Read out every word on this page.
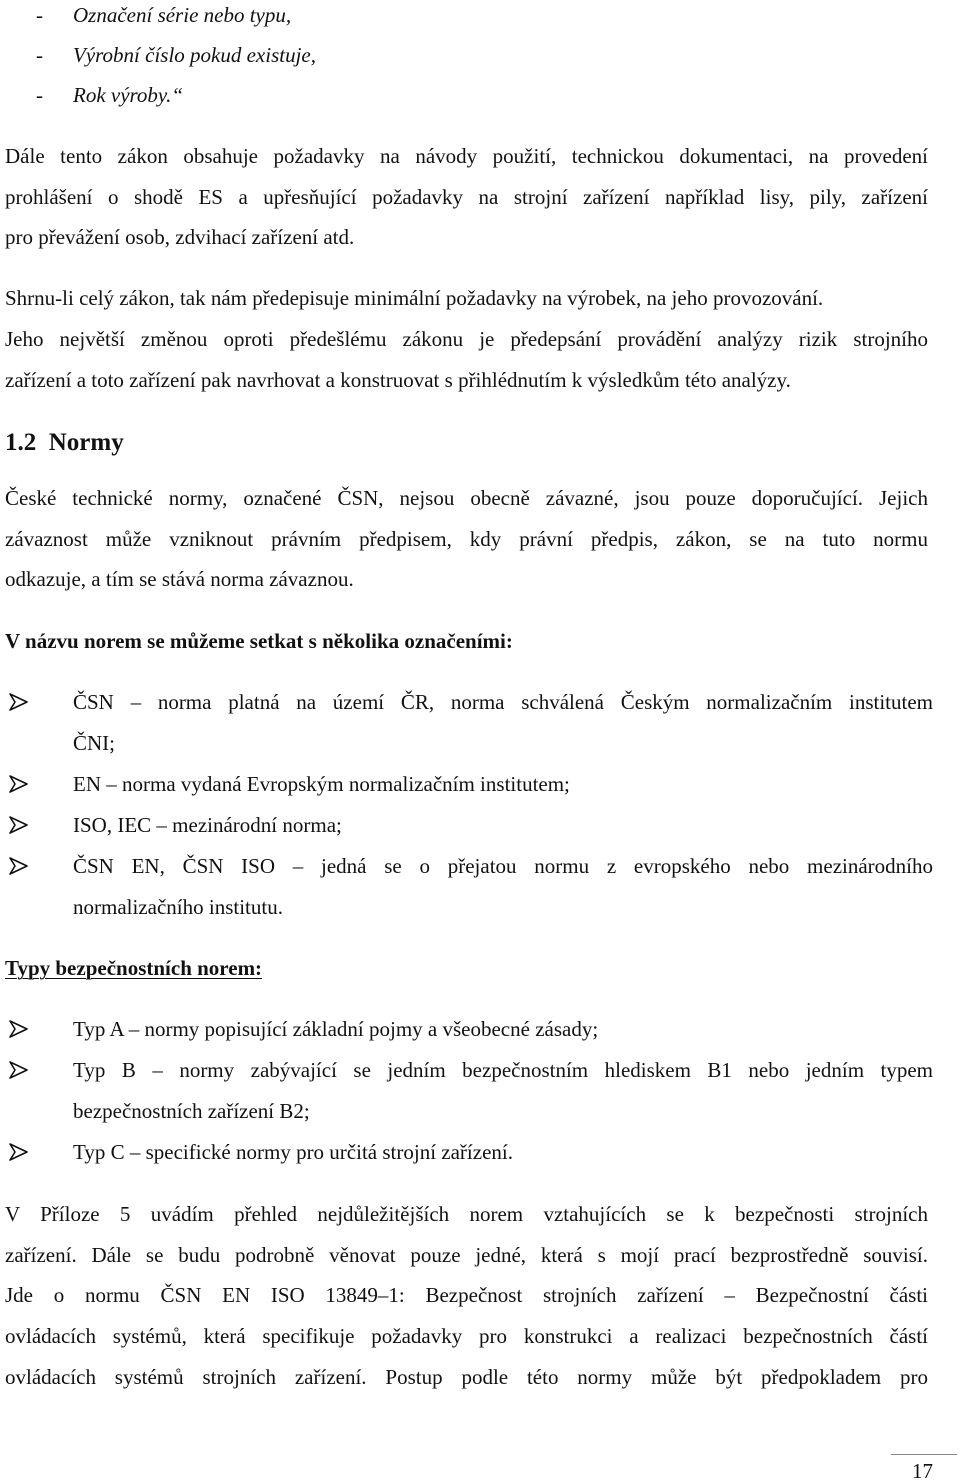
- Označení série nebo typu,
- Výrobní číslo pokud existuje,
- Rok výroby.“
Dále tento zákon obsahuje požadavky na návody použití, technickou dokumentaci, na provedení
prohlášení o shodě ES a upřesňující požadavky na strojní zařízení například lisy, pily, zařízení
pro převážení osob, zdvihací zařízení atd.
Shrnu-li celý zákon, tak nám předepisuje minimální požadavky na výrobek, na jeho provozování.
Jeho největší změnou oproti předešlému zákonu je předepsání provádění analýzy rizik strojního
zařízení a toto zařízení pak navrhovat a konstruovat s přihlédnutím k výsledkům této analýzy.
1.2 Normy
České technické normy, označené ČSN, nejsou obecně závazné, jsou pouze doporučující. Jejich
závaznost může vzniknout právním předpisem, kdy právní předpis, zákon, se na tuto normu
odkazuje, a tím se stává norma závaznou.
V názvu norem se můžeme setkat s několika označeními:
ČSN – norma platná na území ČR, norma schválená Českým normalizačním institutem
ČNI;
EN – norma vydaná Evropským normalizačním institutem;
ISO, IEC – mezinárodní norma;
ČSN EN, ČSN ISO – jedná se o přejatou normu z evropského nebo mezinárodního
normalizačního institutu.
Typy bezpečnostních norem:
Typ A – normy popisující základní pojmy a všeobecné zásady;
Typ B – normy zabývající se jedním bezpečnostním hlediskem B1 nebo jedním typem
bezpečnostních zařízení B2;
Typ C – specifické normy pro určitá strojní zařízení.
V Příloze 5 uvádím přehled nejdůležitějších norem vztahujících se k bezpečnosti strojních
zařízení. Dále se budu podrobně věnovat pouze jedné, která s mojí prací bezprostředně souvisí.
Jde o normu ČSN EN ISO 13849–1: Bezpečnost strojních zařízení – Bezpečnostní části
ovládacích systémů, která specifikuje požadavky pro konstrukci a realizaci bezpečnostních částí
ovládacích systémů strojních zařízení. Postup podle této normy může být předpokladem pro
17
